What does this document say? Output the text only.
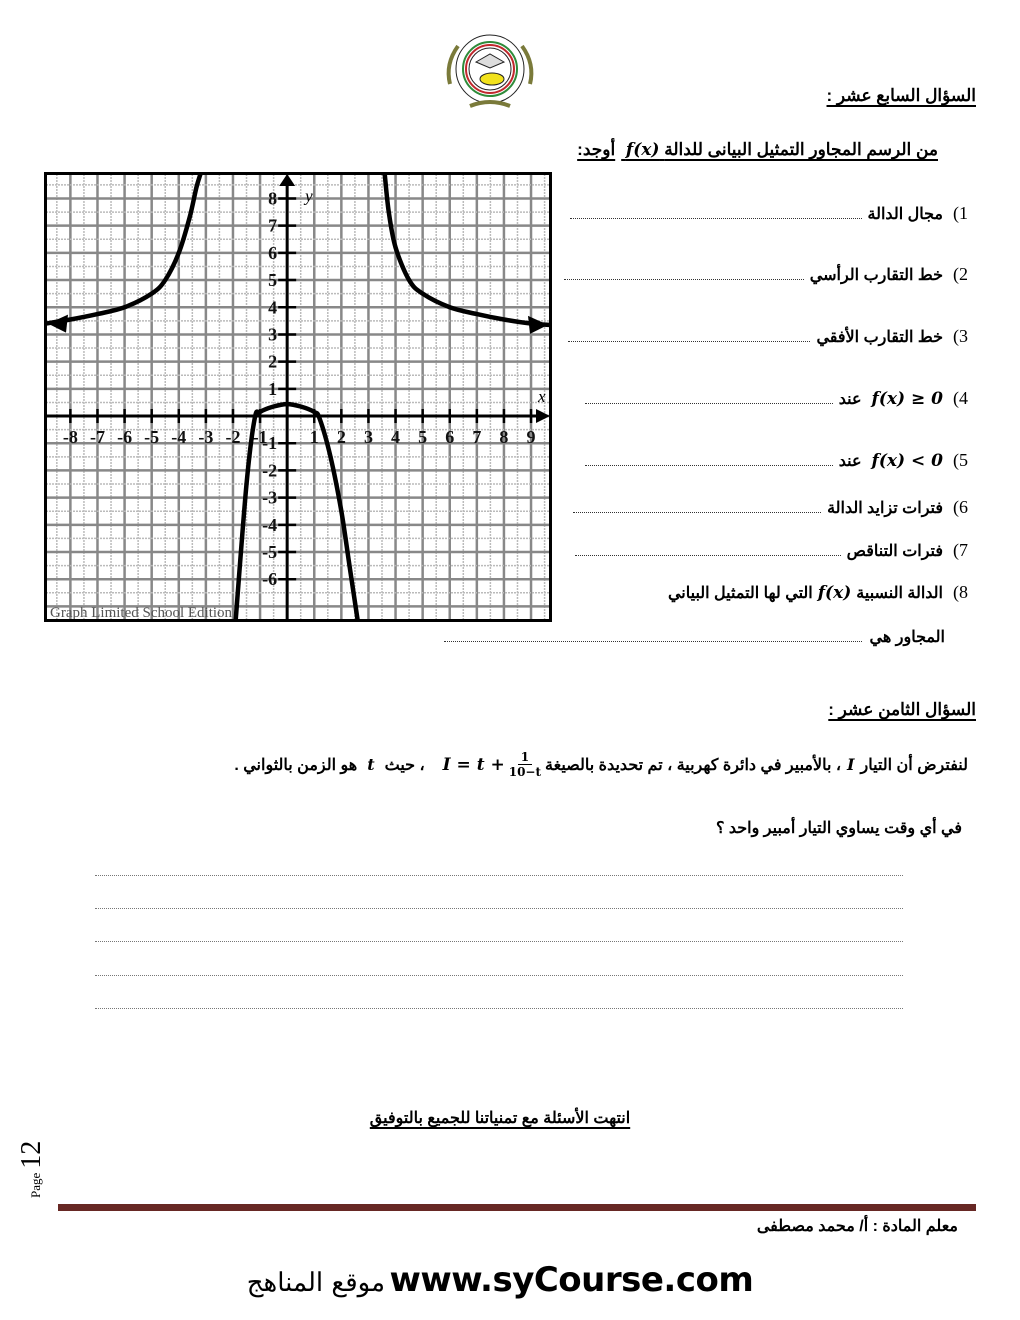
السؤال السابع عشر :
من الرسم المجاور التمثيل البيانى للدالة f(x) أوجد:
Graph Limited School Edition
-8 -7 -6 -5 -4 -3 -2 -1 1 2 3 4 5 6 7 8 9
-6
-5
-4
-3
-2
-1
1
2
3
4
5
6
7
8
x
y
1)
مجال الدالة
2)
خط التقارب الرأسي
3)
خط التقارب الأفقي
4)
f(x) ≥ 0
عند
5)
f(x) < 0
عند
6)
فترات تزايد الدالة
7)
فترات التناقص
8)
الدالة النسبية
f(x)
التي لها التمثيل البياني
المجاور هي
السؤال الثامن عشر :
لنفترض أن التيار
I
، بالأمبير في دائرة كهربية ، تم تحديدة بالصيغة
$I = t + \frac{1}{10-t}$
، حيث
t
هو الزمن بالثواني .
في أي وقت يساوي التيار أمبير واحد ؟
انتهت الأسئلة مع تمنياتنا للجميع بالتوفيق
Page 12
معلم المادة : أ/ محمد مصطفى
موقع المناهج www.syCourse.com
